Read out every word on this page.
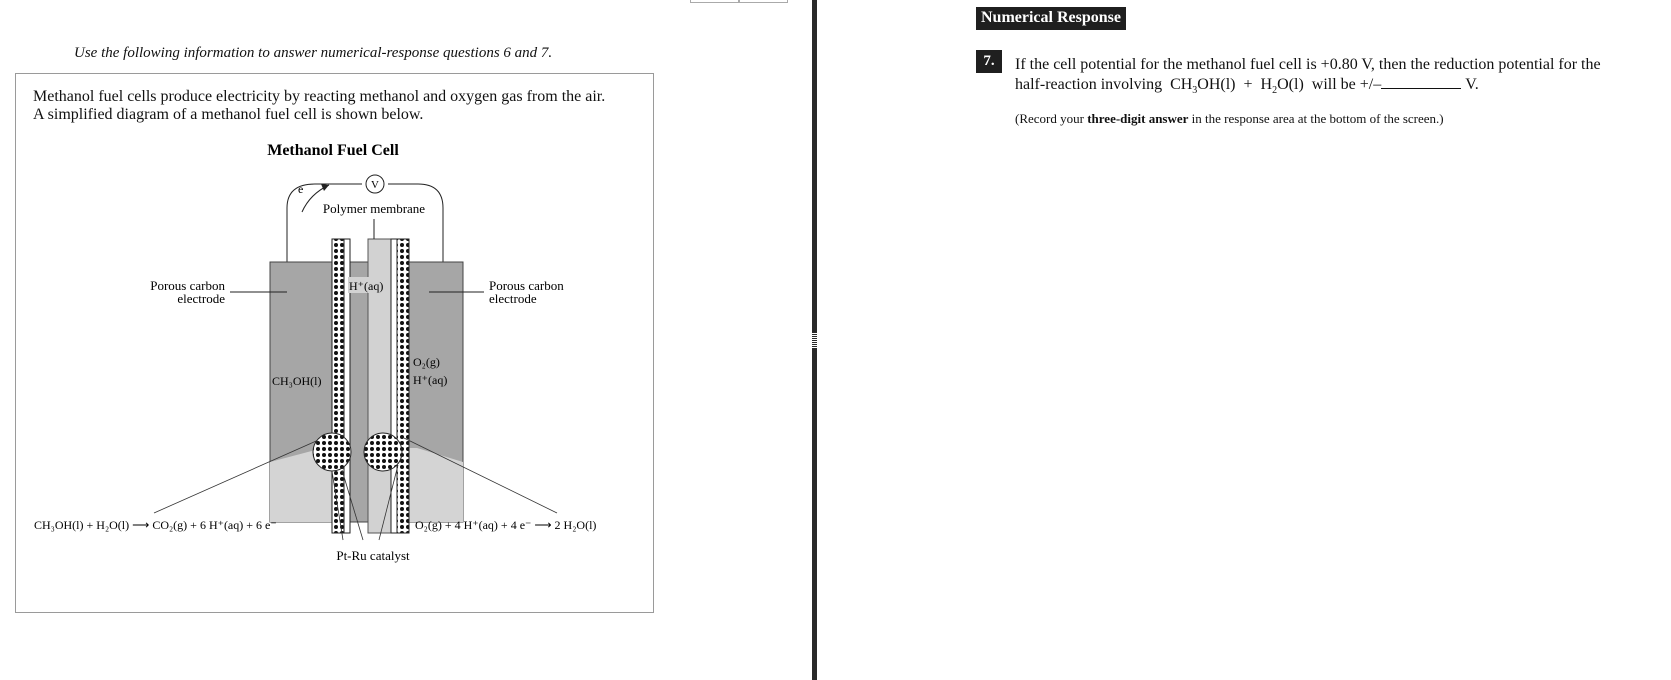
Use the following information to answer numerical-response questions 6 and 7.
Methanol fuel cells produce electricity by reacting methanol and oxygen gas from the air.
A simplified diagram of a methanol fuel cell is shown below.
Methanol Fuel Cell
V
e −
Polymer membrane
Porous carbon
electrode
Porous carbon
electrode
H⁺(aq)
CH₃OH(l)
O₂(g)
H⁺(aq)
CH₃OH(l) + H₂O(l) ⟶ CO₂(g) + 6 H⁺(aq) + 6 e⁻	O₂(g) + 4 H⁺(aq) + 4 e⁻ ⟶ 2 H₂O(l)
Pt-Ru catalyst
Numerical Response
7.	If the cell potential for the methanol fuel cell is +0.80 V, then the reduction potential for the
half-reaction involving $CH_3OH(l) + H_2O(l)$ will be +/–	V.
(Record your three-digit answer in the response area at the bottom of the screen.)
